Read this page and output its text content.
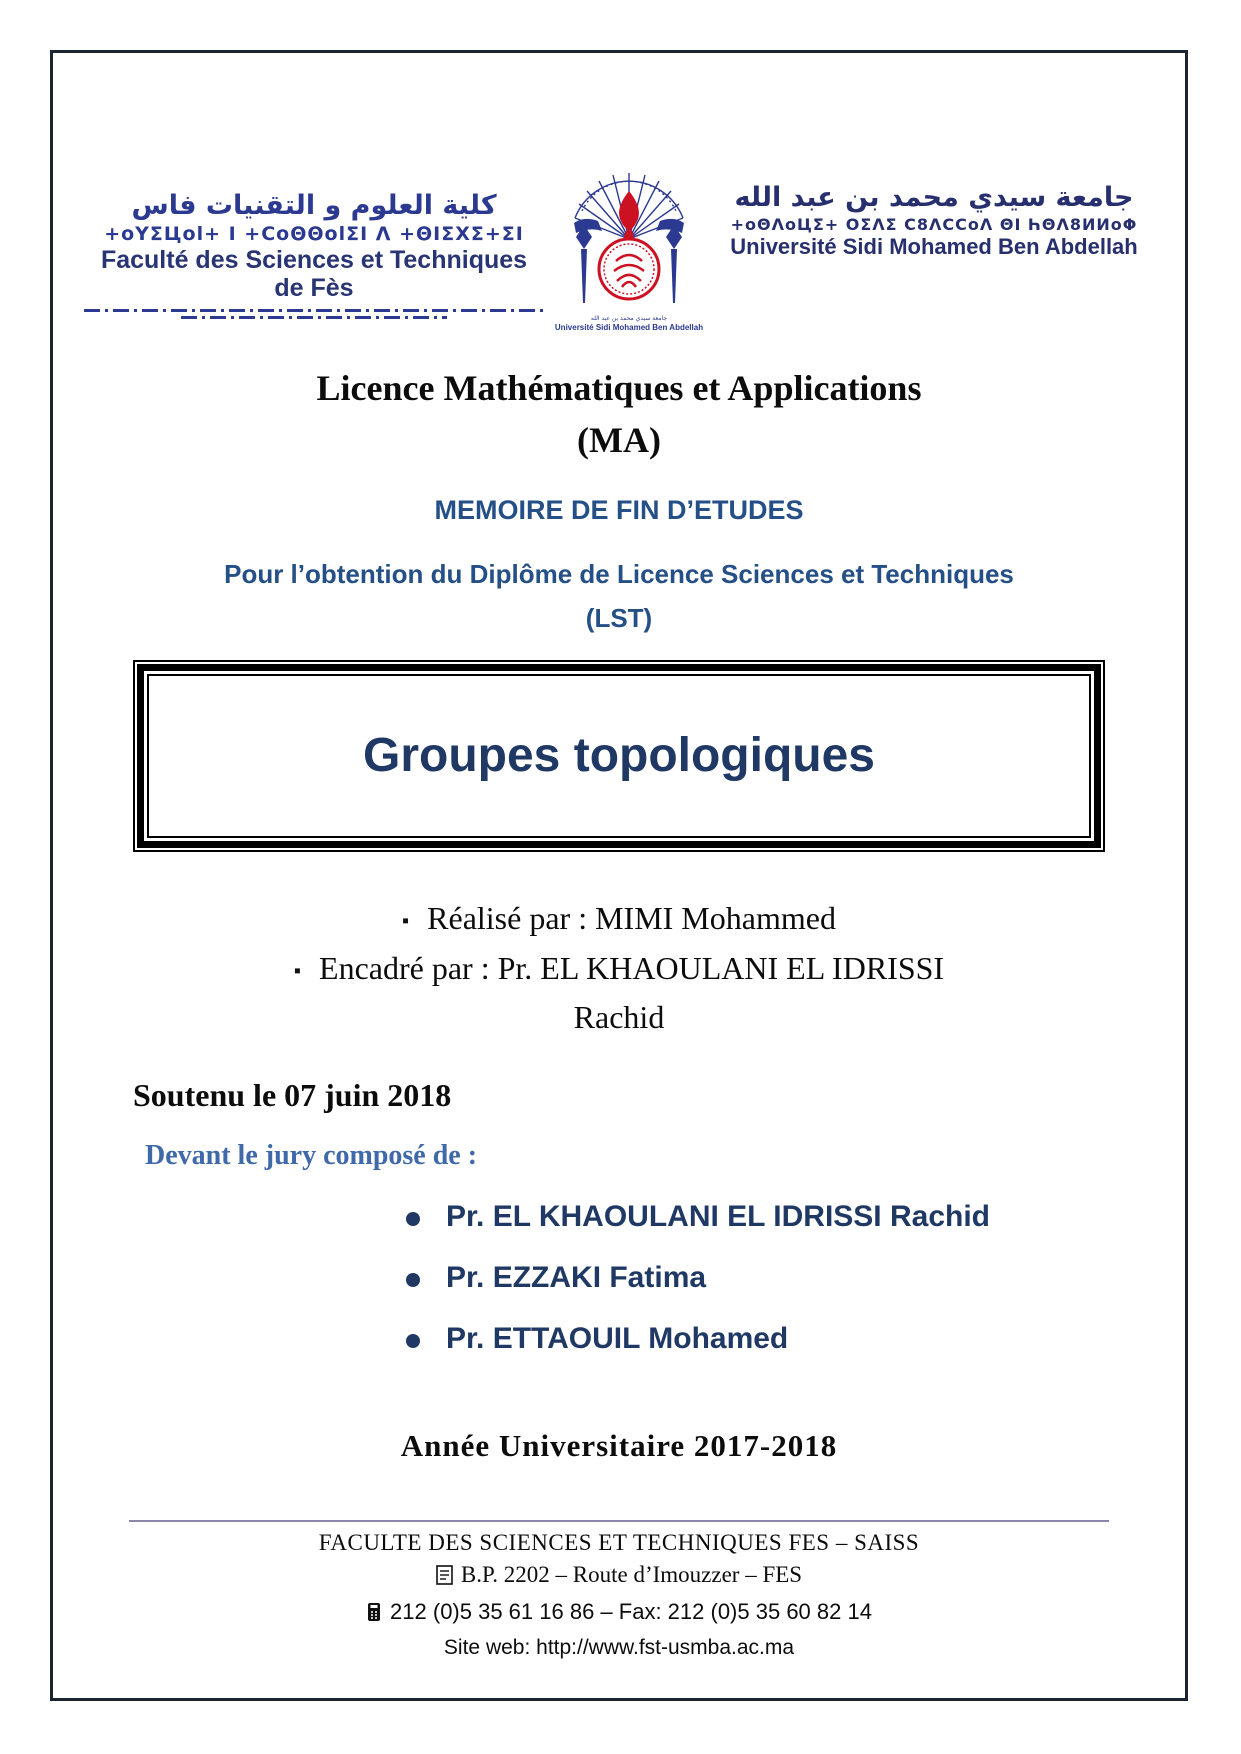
كلية العلوم و التقنيات فاس
+oYΣЦol+ I +CoΘΘolΣI Λ +ΘIΣXΣ+ΣI
Faculté des Sciences et Techniques de Fès
جامعة سيدي محمد بن عبد الله
Université Sidi Mohamed Ben Abdellah
جامعة سيدي محمد بن عبد الله
+oΘΛoЦΣ+ OΣΛΣ C8ΛCCoΛ ΘI ҺΘΛ8ИИoΦ
Université Sidi Mohamed Ben Abdellah
Licence Mathématiques et Applications
(MA)
MEMOIRE DE FIN D’ETUDES
Pour l’obtention du Diplôme de Licence Sciences et Techniques
(LST)
Groupes topologiques
▪ Réalisé par : MIMI Mohammed
▪ Encadré par : Pr. EL KHAOULANI EL IDRISSI
Rachid
Soutenu le 07 juin 2018
Devant le jury composé de :
Pr. EL KHAOULANI EL IDRISSI Rachid
Pr. EZZAKI Fatima
Pr. ETTAOUIL Mohamed
Année Universitaire 2017-2018
FACULTE DES SCIENCES ET TECHNIQUES FES – SAISS
B.P. 2202 – Route d’Imouzzer – FES
212 (0)5 35 61 16 86 – Fax: 212 (0)5 35 60 82 14
Site web: http://www.fst-usmba.ac.ma
